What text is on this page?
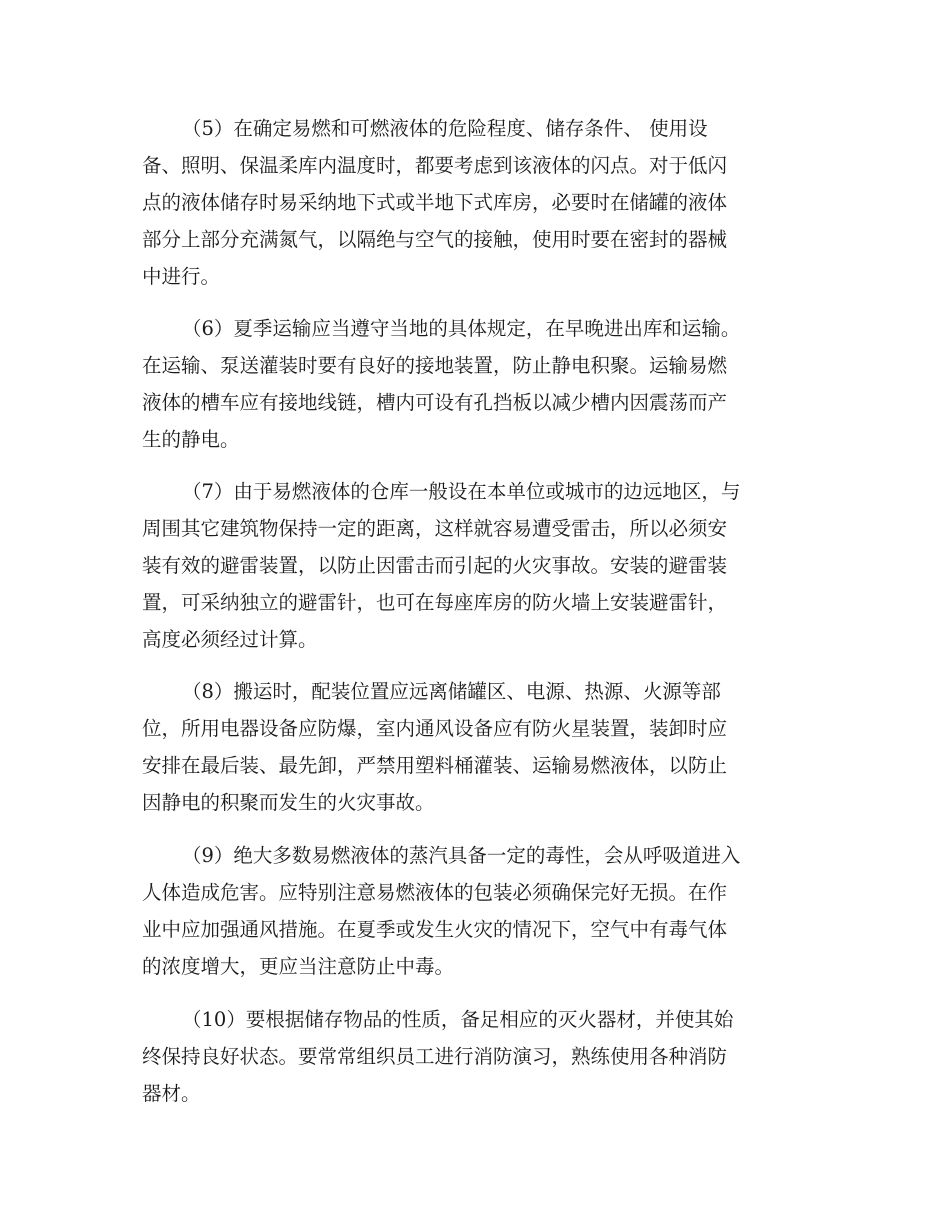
（5）在确定易燃和可燃液体的危险程度、储存条件、 使用设
备、照明、保温柔库内温度时，都要考虑到该液体的闪点。对于低闪
点的液体储存时易采纳地下式或半地下式库房，必要时在储罐的液体
部分上部分充满氮气，以隔绝与空气的接触，使用时要在密封的器械
中进行。
（6）夏季运输应当遵守当地的具体规定，在早晚进出库和运输。
在运输、泵送灌装时要有良好的接地装置，防止静电积聚。运输易燃
液体的槽车应有接地线链，槽内可设有孔挡板以减少槽内因震荡而产
生的静电。
（7）由于易燃液体的仓库一般设在本单位或城市的边远地区，与
周围其它建筑物保持一定的距离，这样就容易遭受雷击，所以必须安
装有效的避雷装置，以防止因雷击而引起的火灾事故。安装的避雷装
置，可采纳独立的避雷针，也可在每座库房的防火墙上安装避雷针，
高度必须经过计算。
（8）搬运时，配装位置应远离储罐区、电源、热源、火源等部
位，所用电器设备应防爆，室内通风设备应有防火星装置，装卸时应
安排在最后装、最先卸，严禁用塑料桶灌装、运输易燃液体，以防止
因静电的积聚而发生的火灾事故。
（9）绝大多数易燃液体的蒸汽具备一定的毒性，会从呼吸道进入
人体造成危害。应特别注意易燃液体的包装必须确保完好无损。在作
业中应加强通风措施。在夏季或发生火灾的情况下，空气中有毒气体
的浓度增大，更应当注意防止中毒。
（10）要根据储存物品的性质，备足相应的灭火器材，并使其始
终保持良好状态。要常常组织员工进行消防演习，熟练使用各种消防
器材。
